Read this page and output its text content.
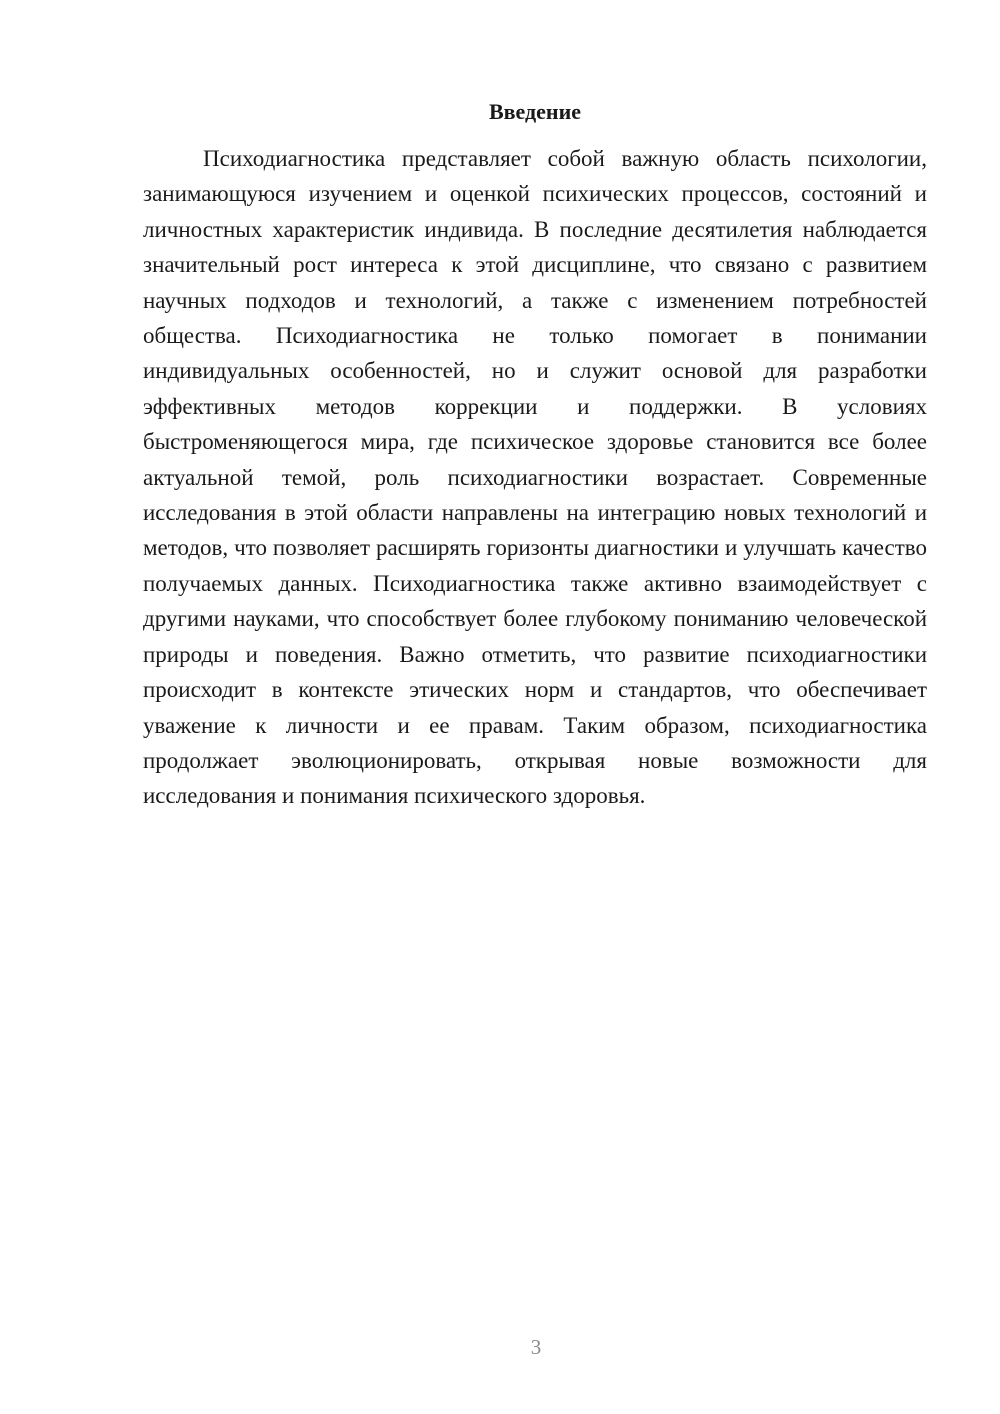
Введение

Психодиагностика представляет собой важную область психологии, занимающуюся изучением и оценкой психических процессов, состояний и личностных характеристик индивида. В последние десятилетия наблюдается значительный рост интереса к этой дисциплине, что связано с развитием научных подходов и технологий, а также с изменением потребностей общества. Психодиагностика не только помогает в понимании индивидуальных особенностей, но и служит основой для разработки эффективных методов коррекции и поддержки. В условиях быстроменяющегося мира, где психическое здоровье становится все более актуальной темой, роль психодиагностики возрастает. Современные исследования в этой области направлены на интеграцию новых технологий и методов, что позволяет расширять горизонты диагностики и улучшать качество получаемых данных. Психодиагностика также активно взаимодействует с другими науками, что способствует более глубокому пониманию человеческой природы и поведения. Важно отметить, что развитие психодиагностики происходит в контексте этических норм и стандартов, что обеспечивает уважение к личности и ее правам. Таким образом, психодиагностика продолжает эволюционировать, открывая новые возможности для исследования и понимания психического здоровья.

3
